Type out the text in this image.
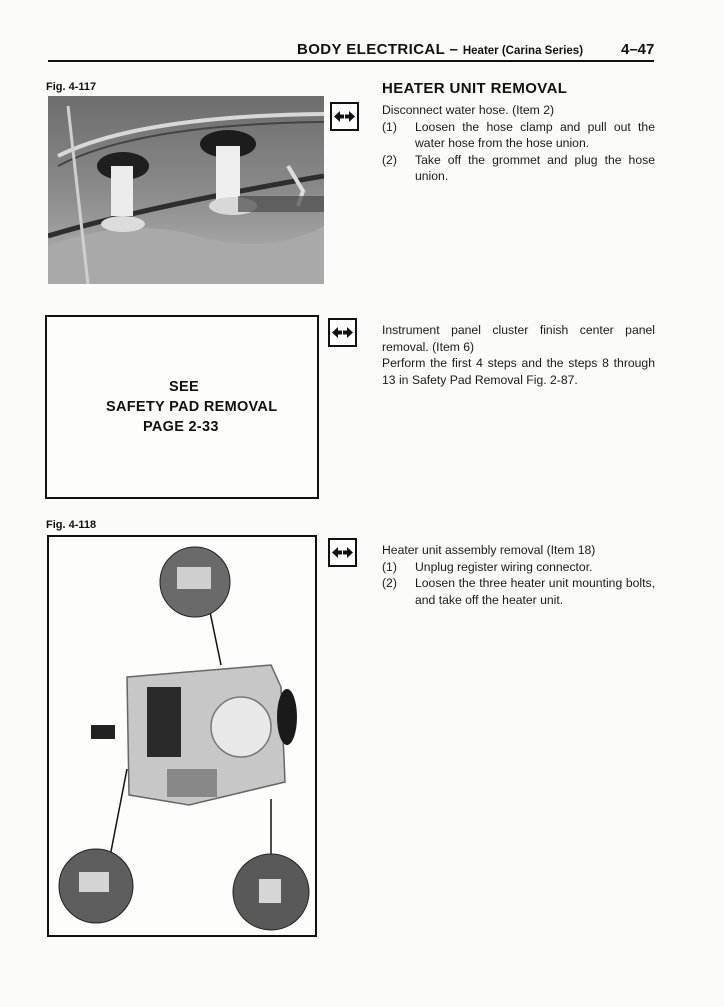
BODY ELECTRICAL – Heater (Carina Series)	4–47
Fig. 4-117	HEATER UNIT REMOVAL

Disconnect water hose. (Item 2)

(1) Loosen the hose clamp and pull out the water hose from the hose union.
(2) Take off the grommet and plug the hose union.
SEE
SAFETY PAD REMOVAL
PAGE 2-33

Instrument panel cluster finish center panel removal. (Item 6)

Perform the first 4 steps and the steps 8 through 13 in Safety Pad Removal Fig. 2-87.

Fig. 4-118

Heater unit assembly removal (Item 18)

(1) Unplug register wiring connector.
(2) Loosen the three heater unit mounting bolts, and take off the heater unit.
